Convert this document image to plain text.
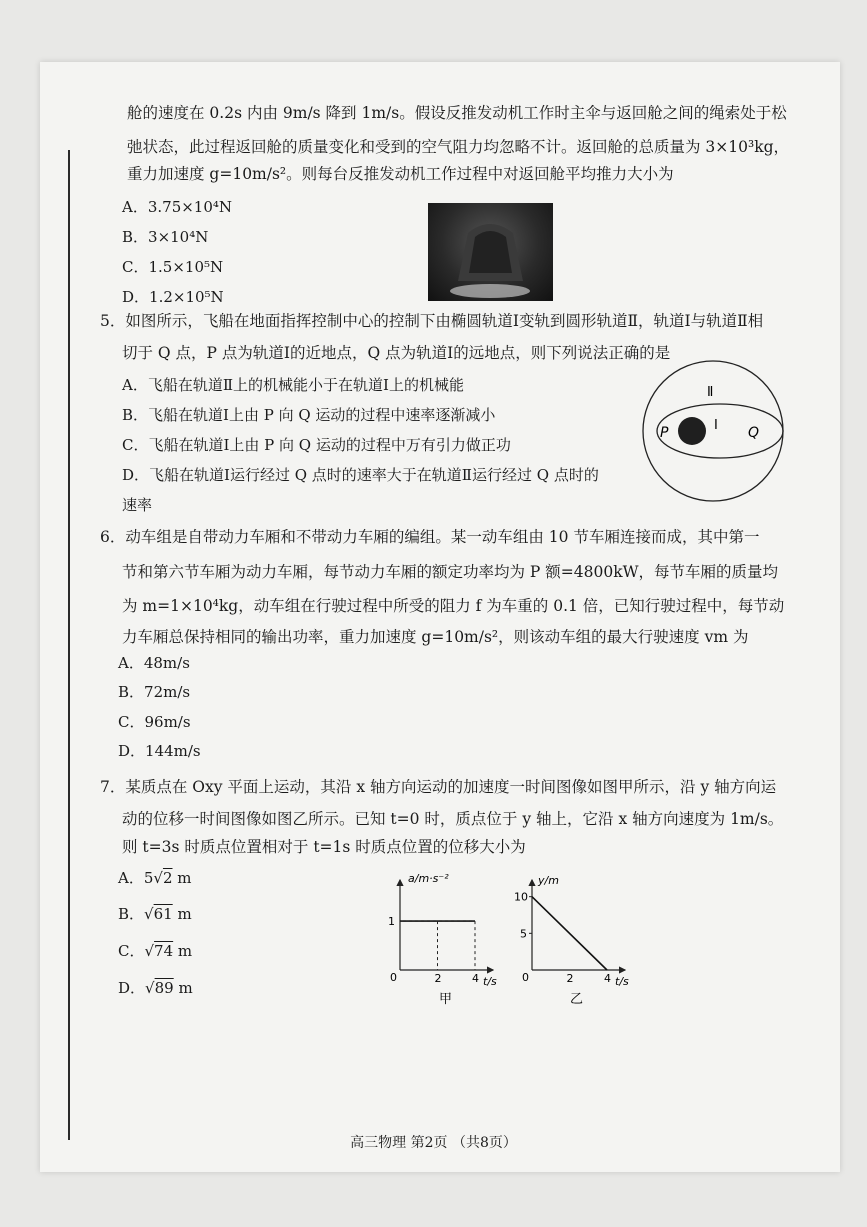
舱的速度在 0.2s 内由 9m/s 降到 1m/s。假设反推发动机工作时主伞与返回舱之间的绳索处于松
弛状态，此过程返回舱的质量变化和受到的空气阻力均忽略不计。返回舱的总质量为 3×10³kg，
重力加速度 g=10m/s²。则每台反推发动机工作过程中对返回舱平均推力大小为
A．3.75×10⁴N
B．3×10⁴N
C．1.5×10⁵N
D．1.2×10⁵N
5．如图所示，飞船在地面指挥控制中心的控制下由椭圆轨道Ⅰ变轨到圆形轨道Ⅱ，轨道Ⅰ与轨道Ⅱ相
切于 Q 点，P 点为轨道Ⅰ的近地点，Q 点为轨道Ⅰ的远地点，则下列说法正确的是
A．飞船在轨道Ⅱ上的机械能小于在轨道Ⅰ上的机械能
B．飞船在轨道Ⅰ上由 P 向 Q 运动的过程中速率逐渐减小
C．飞船在轨道Ⅰ上由 P 向 Q 运动的过程中万有引力做正功
D．飞船在轨道Ⅰ运行经过 Q 点时的速率大于在轨道Ⅱ运行经过 Q 点时的
速率
Ⅱ
Ⅰ
P	Q
6．动车组是自带动力车厢和不带动力车厢的编组。某一动车组由 10 节车厢连接而成，其中第一
节和第六节车厢为动力车厢，每节动力车厢的额定功率均为 P 额=4800kW，每节车厢的质量均
为 m=1×10⁴kg，动车组在行驶过程中所受的阻力 f 为车重的 0.1 倍，已知行驶过程中，每节动
力车厢总保持相同的输出功率，重力加速度 g=10m/s²，则该动车组的最大行驶速度 vm 为
A．48m/s
B．72m/s
C．96m/s
D．144m/s
7．某质点在 Oxy 平面上运动，其沿 x 轴方向运动的加速度一时间图像如图甲所示，沿 y 轴方向运
动的位移一时间图像如图乙所示。已知 t=0 时，质点位于 y 轴上，它沿 x 轴方向速度为 1m/s。
则 t=3s 时质点位置相对于 t=1s 时质点位置的位移大小为
A．5√2 m
B．√61 m
C．√74 m
D．√89 m
2	4
1
a/m·s⁻²
t/s
0
甲
2	4
5
10
y/m
t/s
0
乙
高三物理 第2页 （共8页）
